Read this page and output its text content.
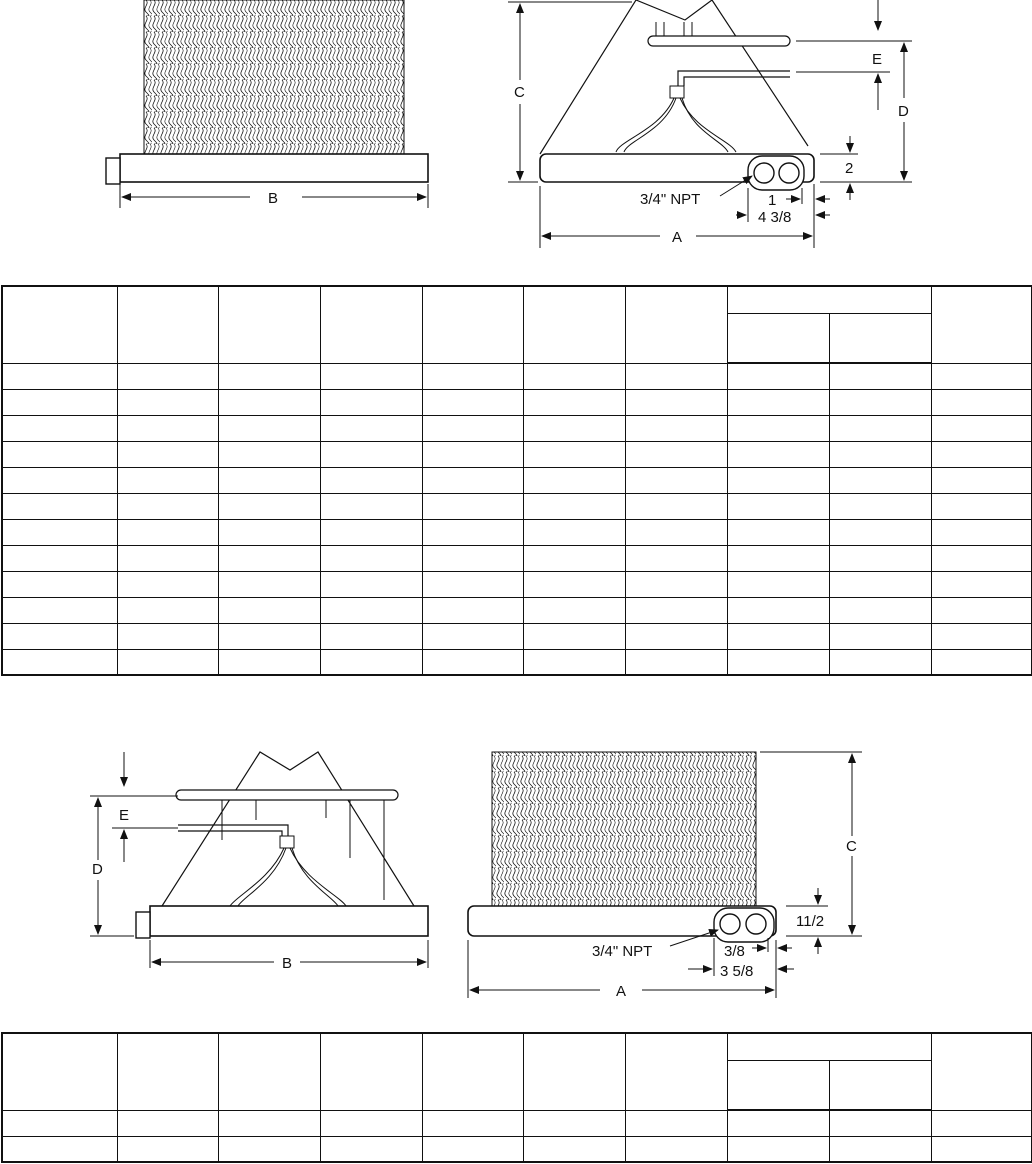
B
C
E
D
2
3/4" NPT	1
4 3/8
A

E
D
B
C
11/2
3/4" NPT	3/8
3 5/8
A
